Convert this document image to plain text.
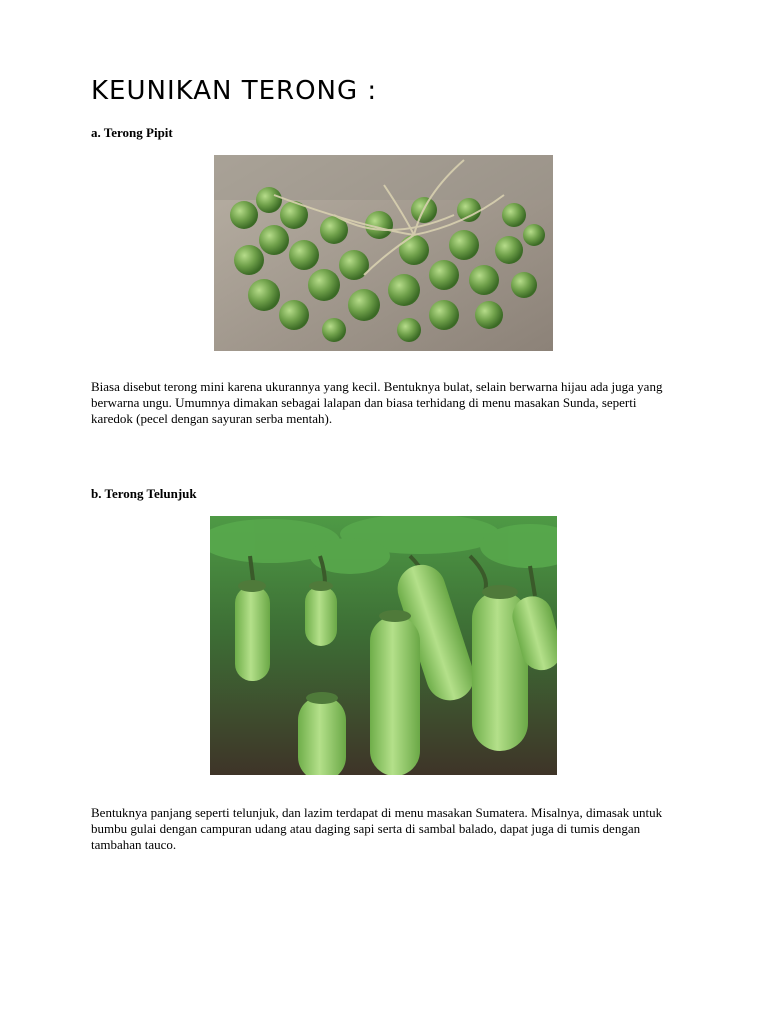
KEUNIKAN TERONG :
a. Terong Pipit

Biasa disebut terong mini karena ukurannya yang kecil. Bentuknya bulat, selain berwarna hijau ada juga yang berwarna ungu. Umumnya dimakan sebagai lalapan dan biasa terhidang di menu masakan Sunda, seperti karedok (pecel dengan sayuran serba mentah).

b. Terong Telunjuk

Bentuknya panjang seperti telunjuk, dan lazim terdapat di menu masakan Sumatera. Misalnya, dimasak untuk bumbu gulai dengan campuran udang atau daging sapi serta di sambal balado, dapat juga di tumis dengan tambahan tauco.
